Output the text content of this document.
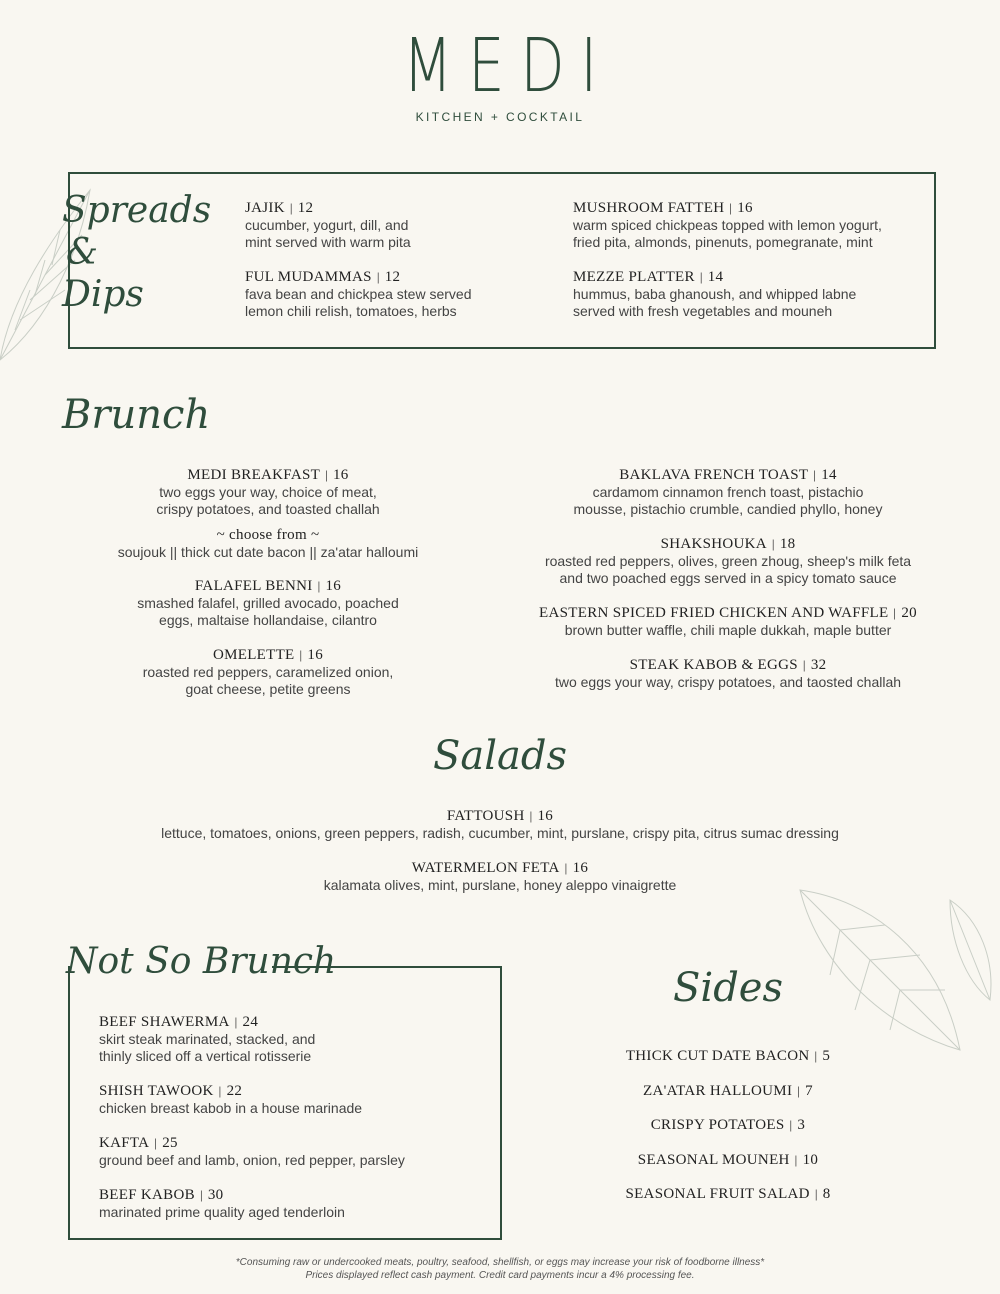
MEDI
KITCHEN + COCKTAIL
Spreads
&
Dips
JAJIK | 12
cucumber, yogurt, dill, and
mint served with warm pita
FUL MUDAMMAS | 12
fava bean and chickpea stew served
lemon chili relish, tomatoes, herbs
MUSHROOM FATTEH | 16
warm spiced chickpeas topped with lemon yogurt,
fried pita, almonds, pinenuts, pomegranate, mint
MEZZE PLATTER | 14
hummus, baba ghanoush, and whipped labne
served with fresh vegetables and mouneh
Brunch
MEDI BREAKFAST | 16
two eggs your way, choice of meat,
crispy potatoes, and toasted challah
~ choose from ~
soujouk || thick cut date bacon || za'atar halloumi
FALAFEL BENNI | 16
smashed falafel, grilled avocado, poached
eggs, maltaise hollandaise, cilantro
OMELETTE | 16
roasted red peppers, caramelized onion,
goat cheese, petite greens
BAKLAVA FRENCH TOAST | 14
cardamom cinnamon french toast, pistachio
mousse, pistachio crumble, candied phyllo, honey
SHAKSHOUKA | 18
roasted red peppers, olives, green zhoug, sheep's milk feta
and two poached eggs served in a spicy tomato sauce
EASTERN SPICED FRIED CHICKEN AND WAFFLE | 20
brown butter waffle, chili maple dukkah, maple butter
STEAK KABOB & EGGS | 32
two eggs your way, crispy potatoes, and taosted challah
Salads
FATTOUSH | 16
lettuce, tomatoes, onions, green peppers, radish, cucumber, mint, purslane, crispy pita, citrus sumac dressing
WATERMELON FETA | 16
kalamata olives, mint, purslane, honey aleppo vinaigrette
Not So Brunch
BEEF SHAWERMA | 24
skirt steak marinated, stacked, and
thinly sliced off a vertical rotisserie
SHISH TAWOOK | 22
chicken breast kabob in a house marinade
KAFTA | 25
ground beef and lamb, onion, red pepper, parsley
BEEF KABOB | 30
marinated prime quality aged tenderloin
Sides
THICK CUT DATE BACON | 5
ZA'ATAR HALLOUMI | 7
CRISPY POTATOES | 3
SEASONAL MOUNEH | 10
SEASONAL FRUIT SALAD | 8
*Consuming raw or undercooked meats, poultry, seafood, shellfish, or eggs may increase your risk of foodborne illness*
Prices displayed reflect cash payment. Credit card payments incur a 4% processing fee.
